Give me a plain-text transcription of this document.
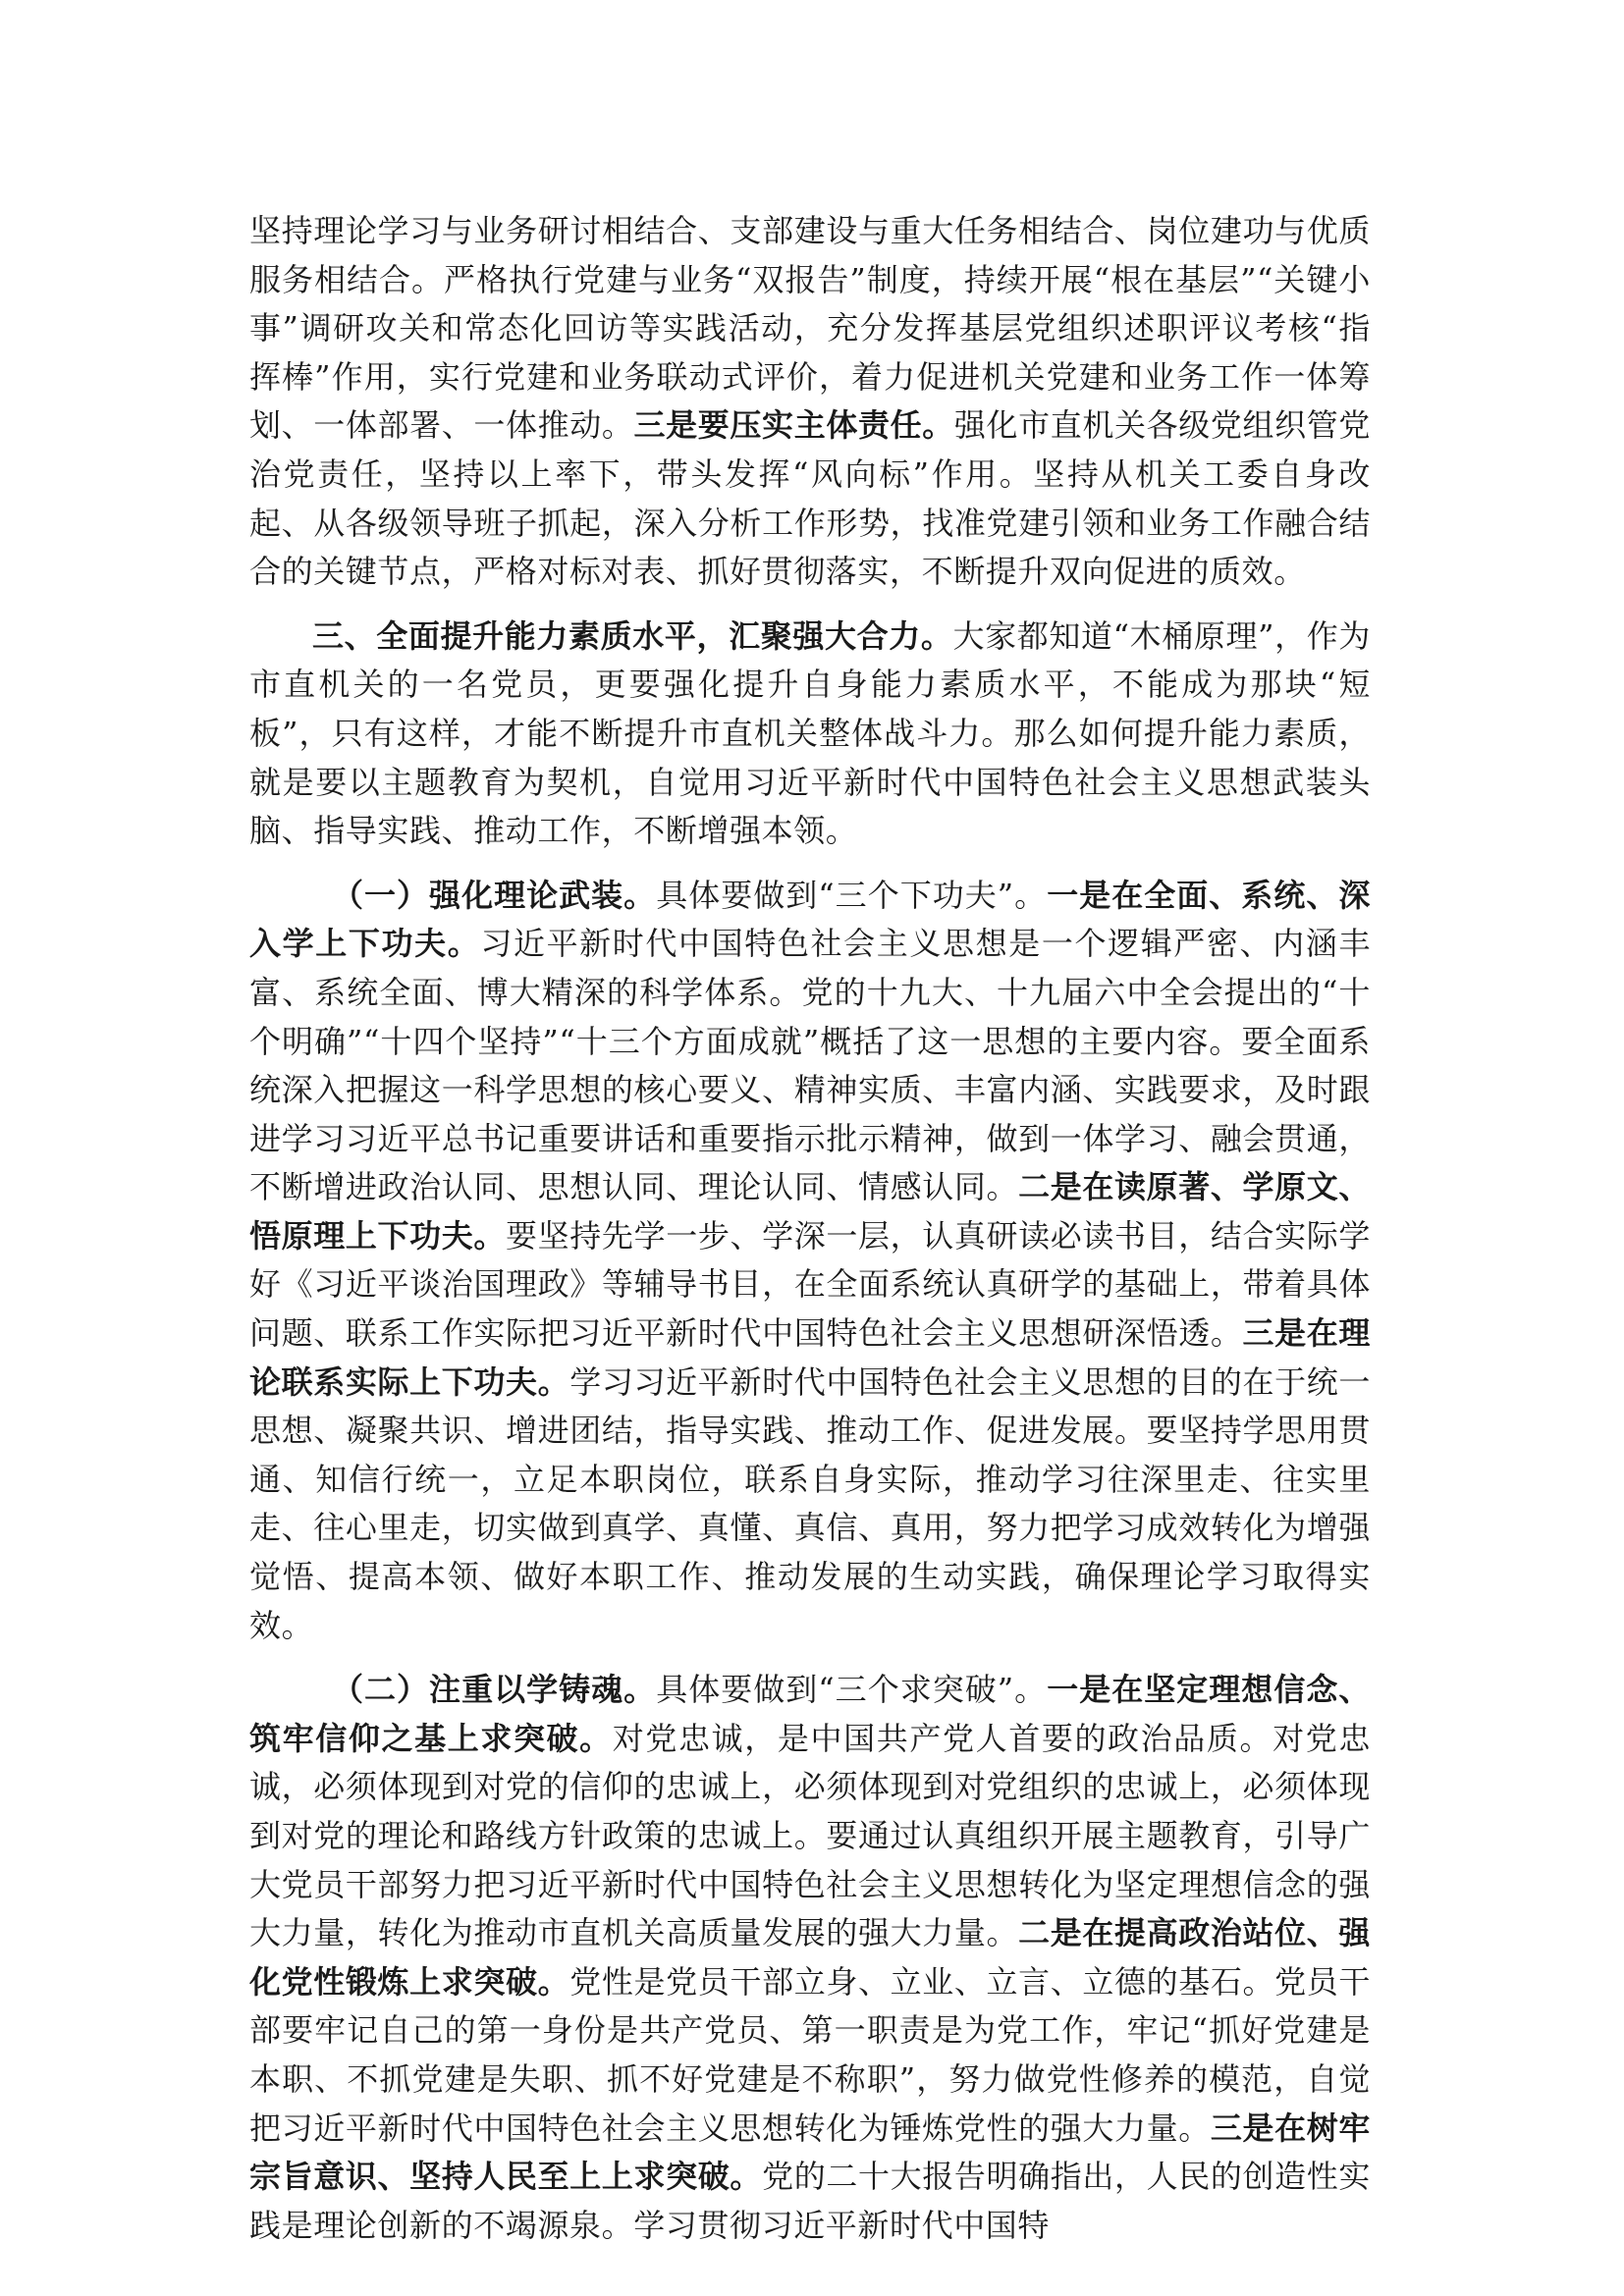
坚持理论学习与业务研讨相结合、支部建设与重大任务相结合、岗位建功与优质服务相结合。严格执行党建与业务“双报告”制度，持续开展“根在基层”“关键小事”调研攻关和常态化回访等实践活动，充分发挥基层党组织述职评议考核“指挥棒”作用，实行党建和业务联动式评价，着力促进机关党建和业务工作一体筹划、一体部署、一体推动。三是要压实主体责任。强化市直机关各级党组织管党治党责任，坚持以上率下，带头发挥“风向标”作用。坚持从机关工委自身改起、从各级领导班子抓起，深入分析工作形势，找准党建引领和业务工作融合结合的关键节点，严格对标对表、抓好贯彻落实，不断提升双向促进的质效。

三、全面提升能力素质水平，汇聚强大合力。大家都知道“木桶原理”，作为市直机关的一名党员，更要强化提升自身能力素质水平，不能成为那块“短板”，只有这样，才能不断提升市直机关整体战斗力。那么如何提升能力素质，就是要以主题教育为契机，自觉用习近平新时代中国特色社会主义思想武装头脑、指导实践、推动工作，不断增强本领。

（一）强化理论武装。具体要做到“三个下功夫”。一是在全面、系统、深入学上下功夫。习近平新时代中国特色社会主义思想是一个逻辑严密、内涵丰富、系统全面、博大精深的科学体系。党的十九大、十九届六中全会提出的“十个明确”“十四个坚持”“十三个方面成就”概括了这一思想的主要内容。要全面系统深入把握这一科学思想的核心要义、精神实质、丰富内涵、实践要求，及时跟进学习习近平总书记重要讲话和重要指示批示精神，做到一体学习、融会贯通，不断增进政治认同、思想认同、理论认同、情感认同。二是在读原著、学原文、悟原理上下功夫。要坚持先学一步、学深一层，认真研读必读书目，结合实际学好《习近平谈治国理政》等辅导书目，在全面系统认真研学的基础上，带着具体问题、联系工作实际把习近平新时代中国特色社会主义思想研深悟透。三是在理论联系实际上下功夫。学习习近平新时代中国特色社会主义思想的目的在于统一思想、凝聚共识、增进团结，指导实践、推动工作、促进发展。要坚持学思用贯通、知信行统一，立足本职岗位，联系自身实际，推动学习往深里走、往实里走、往心里走，切实做到真学、真懂、真信、真用，努力把学习成效转化为增强觉悟、提高本领、做好本职工作、推动发展的生动实践，确保理论学习取得实效。

（二）注重以学铸魂。具体要做到“三个求突破”。一是在坚定理想信念、筑牢信仰之基上求突破。对党忠诚，是中国共产党人首要的政治品质。对党忠诚，必须体现到对党的信仰的忠诚上，必须体现到对党组织的忠诚上，必须体现到对党的理论和路线方针政策的忠诚上。要通过认真组织开展主题教育，引导广大党员干部努力把习近平新时代中国特色社会主义思想转化为坚定理想信念的强大力量，转化为推动市直机关高质量发展的强大力量。二是在提高政治站位、强化党性锻炼上求突破。党性是党员干部立身、立业、立言、立德的基石。党员干部要牢记自己的第一身份是共产党员、第一职责是为党工作，牢记“抓好党建是本职、不抓党建是失职、抓不好党建是不称职”，努力做党性修养的模范，自觉把习近平新时代中国特色社会主义思想转化为锤炼党性的强大力量。三是在树牢宗旨意识、坚持人民至上上求突破。党的二十大报告明确指出，人民的创造性实践是理论创新的不竭源泉。学习贯彻习近平新时代中国特
